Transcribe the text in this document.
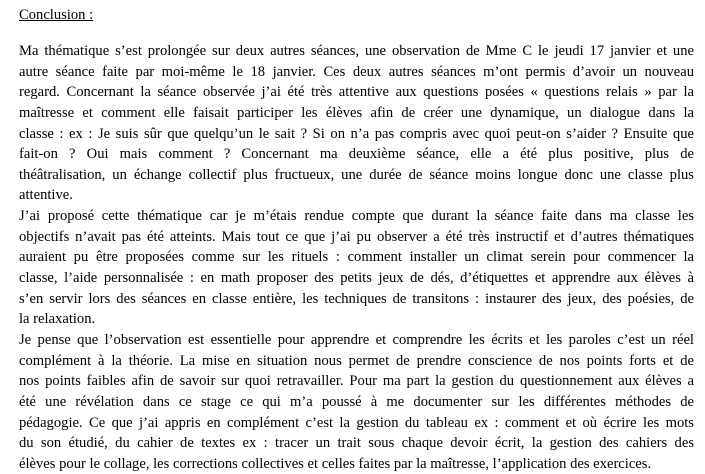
Conclusion :
Ma thématique s’est prolongée sur deux autres séances, une observation de Mme C le jeudi 17 janvier et une
autre séance faite par moi-même le 18 janvier. Ces deux autres séances m’ont permis d’avoir un nouveau
regard. Concernant la séance observée j’ai été très attentive aux questions posées « questions relais » par la
maîtresse et comment elle faisait participer les élèves afin de créer une dynamique, un dialogue dans la
classe : ex : Je suis sûr que quelqu’un le sait ? Si on n’a pas compris avec quoi peut-on s’aider ? Ensuite que
fait-on ? Oui mais comment ? Concernant ma deuxième séance, elle a été plus positive, plus de
théâtralisation, un échange collectif plus fructueux, une durée de séance moins longue donc une classe plus
attentive.
J’ai proposé cette thématique car je m’étais rendue compte que durant la séance faite dans ma classe les
objectifs n’avait pas été atteints. Mais tout ce que j’ai pu observer a été très instructif et d’autres thématiques
auraient pu être proposées comme sur les rituels : comment installer un climat serein pour commencer la
classe, l’aide personnalisée : en math proposer des petits jeux de dés, d’étiquettes et apprendre aux élèves à
s’en servir lors des séances en classe entière, les techniques de transitons : instaurer des jeux, des poésies, de
la relaxation.
Je pense que l’observation est essentielle pour apprendre et comprendre les écrits et les paroles c’est un réel
complément à la théorie. La mise en situation nous permet de prendre conscience de nos points forts et de
nos points faibles afin de savoir sur quoi retravailler. Pour ma part la gestion du questionnement aux élèves a
été une révélation dans ce stage ce qui m’a poussé à me documenter sur les différentes méthodes de
pédagogie. Ce que j’ai appris en complément c’est la gestion du tableau ex : comment et où écrire les mots
du son étudié, du cahier de textes ex : tracer un trait sous chaque devoir écrit, la gestion des cahiers des
élèves pour le collage, les corrections collectives et celles faites par la maîtresse, l’application des exercices.
